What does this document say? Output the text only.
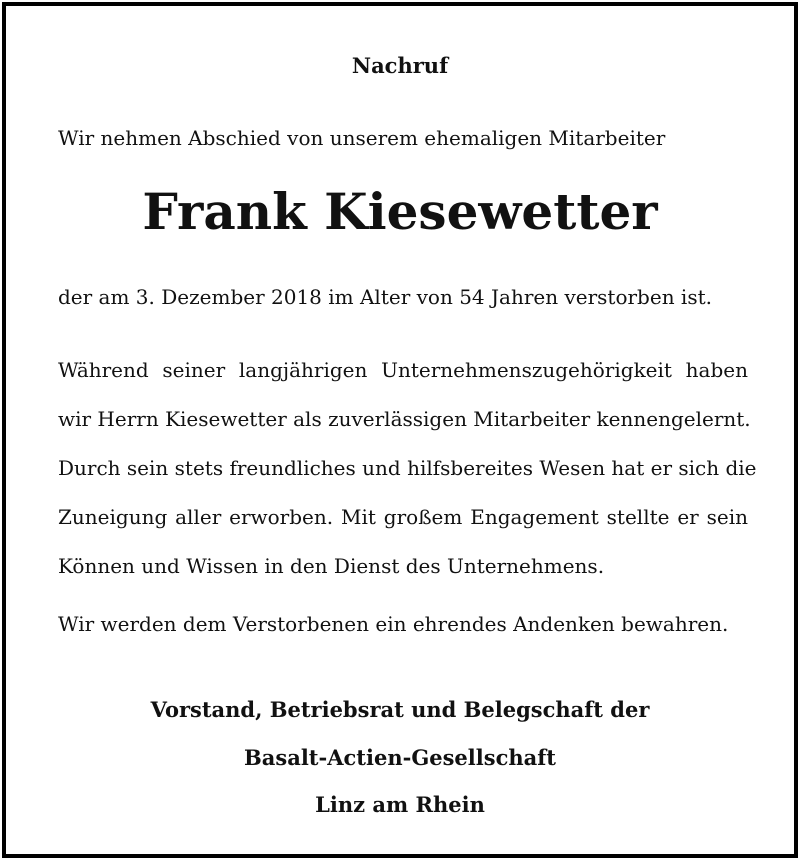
Nachruf
Wir nehmen Abschied von unserem ehemaligen Mitarbeiter
Frank Kiesewetter
der am 3. Dezember 2018 im Alter von 54 Jahren verstorben ist.
Während seiner langjährigen Unternehmenszugehörigkeit haben
wir Herrn Kiesewetter als zuverlässigen Mitarbeiter kennengelernt.
Durch sein stets freundliches und hilfsbereites Wesen hat er sich die
Zuneigung aller erworben. Mit großem Engagement stellte er sein
Können und Wissen in den Dienst des Unternehmens.
Wir werden dem Verstorbenen ein ehrendes Andenken bewahren.
Vorstand, Betriebsrat und Belegschaft der
Basalt-Actien-Gesellschaft
Linz am Rhein
